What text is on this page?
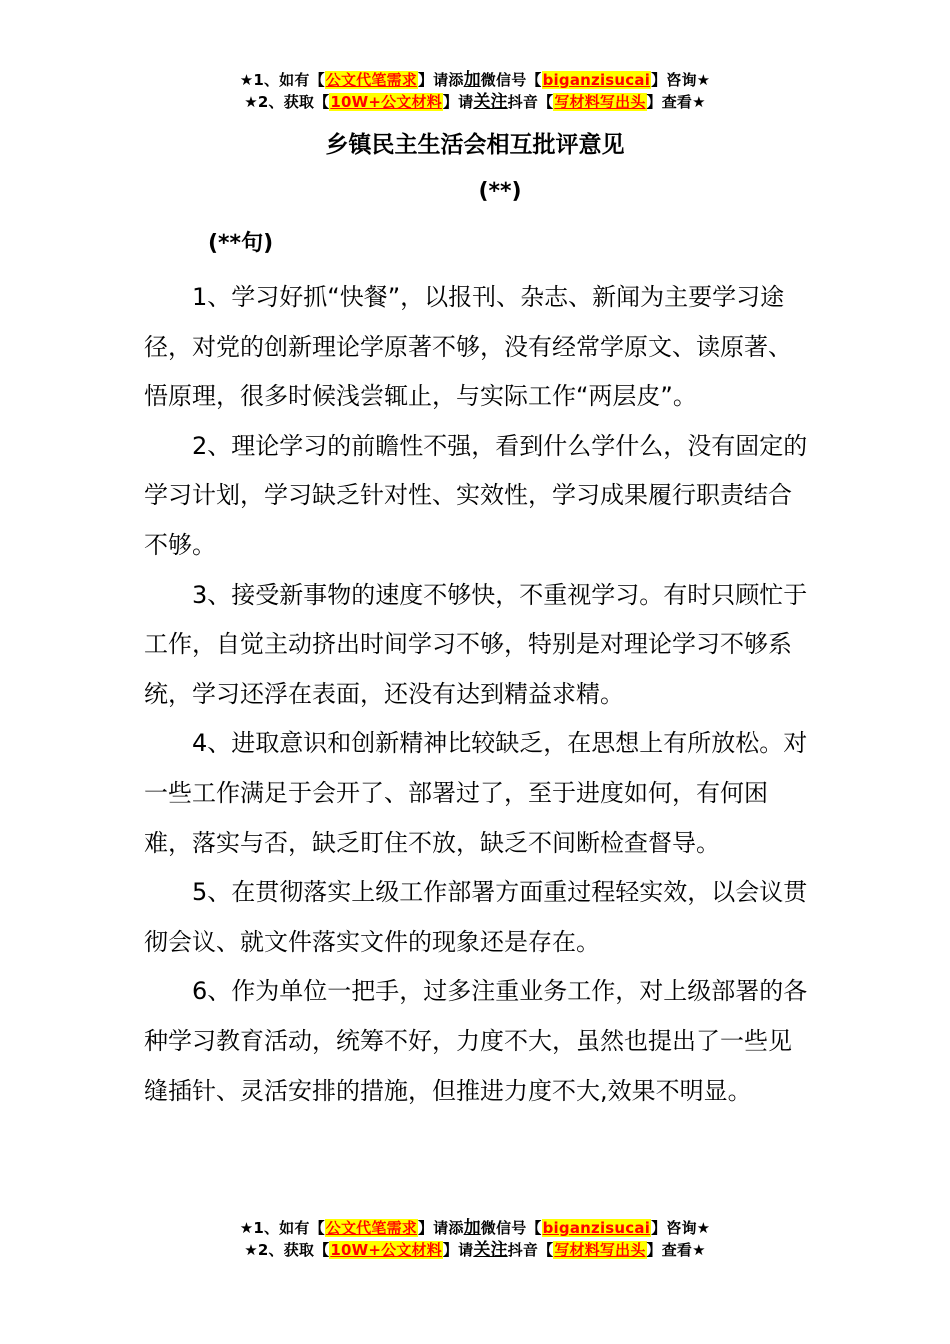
★1、如有【公文代笔需求】请添加微信号【biganzisucai】咨询★
★2、获取【10W+公文材料】请关注抖音【写材料写出头】查看★
乡镇民主生活会相互批评意见
(**)
(**句)

1、学习好抓“快餐”，以报刊、杂志、新闻为主要学习途径，对党的创新理论学原著不够，没有经常学原文、读原著、悟原理，很多时候浅尝辄止，与实际工作“两层皮”。

2、理论学习的前瞻性不强，看到什么学什么，没有固定的学习计划，学习缺乏针对性、实效性，学习成果履行职责结合不够。

3、接受新事物的速度不够快，不重视学习。有时只顾忙于工作，自觉主动挤出时间学习不够，特别是对理论学习不够系统，学习还浮在表面，还没有达到精益求精。

4、进取意识和创新精神比较缺乏，在思想上有所放松。对一些工作满足于会开了、部署过了，至于进度如何，有何困难，落实与否，缺乏盯住不放，缺乏不间断检查督导。

5、在贯彻落实上级工作部署方面重过程轻实效，以会议贯彻会议、就文件落实文件的现象还是存在。

6、作为单位一把手，过多注重业务工作，对上级部署的各种学习教育活动，统筹不好，力度不大，虽然也提出了一些见缝插针、灵活安排的措施，但推进力度不大,效果不明显。

★1、如有【公文代笔需求】请添加微信号【biganzisucai】咨询★
★2、获取【10W+公文材料】请关注抖音【写材料写出头】查看★
